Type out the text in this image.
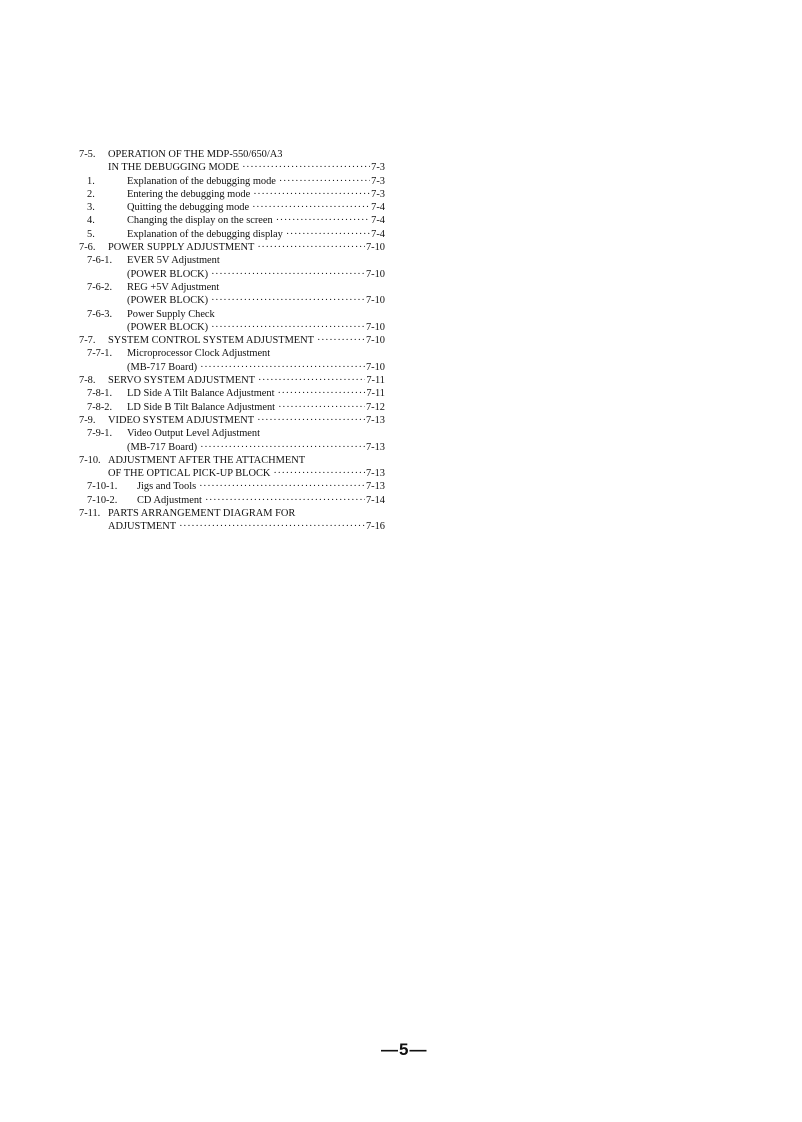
7-5.	OPERATION OF THE MDP-550/650/A3
IN THE DEBUGGING MODE ·····	7-3
1.	Explanation of the debugging mode ·····	7-3
2.	Entering the debugging mode ·····	7-3
3.	Quitting the debugging mode ·····	7-4
4.	Changing the display on the screen ·····	7-4
5.	Explanation of the debugging display ·····	7-4
7-6.	POWER SUPPLY ADJUSTMENT ·····	7-10
7-6-1.	EVER 5V Adjustment
(POWER BLOCK) ·····	7-10
7-6-2.	REG +5V Adjustment
(POWER BLOCK) ·····	7-10
7-6-3.	Power Supply Check
(POWER BLOCK) ·····	7-10
7-7.	SYSTEM CONTROL SYSTEM ADJUSTMENT ·····	7-10
7-7-1.	Microprocessor Clock Adjustment
(MB-717 Board) ·····	7-10
7-8.	SERVO SYSTEM ADJUSTMENT ·····	7-11
7-8-1.	LD Side A Tilt Balance Adjustment ·····	7-11
7-8-2.	LD Side B Tilt Balance Adjustment ·····	7-12
7-9.	VIDEO SYSTEM ADJUSTMENT ·····	7-13
7-9-1.	Video Output Level Adjustment
(MB-717 Board) ·····	7-13
7-10. ADJUSTMENT AFTER THE ATTACHMENT
OF THE OPTICAL PICK-UP BLOCK ·····	7-13
7-10-1.	Jigs and Tools ·····	7-13
7-10-2.	CD Adjustment ·····	7-14
7-11. PARTS ARRANGEMENT DIAGRAM FOR
ADJUSTMENT ·····	7-16
—5—
